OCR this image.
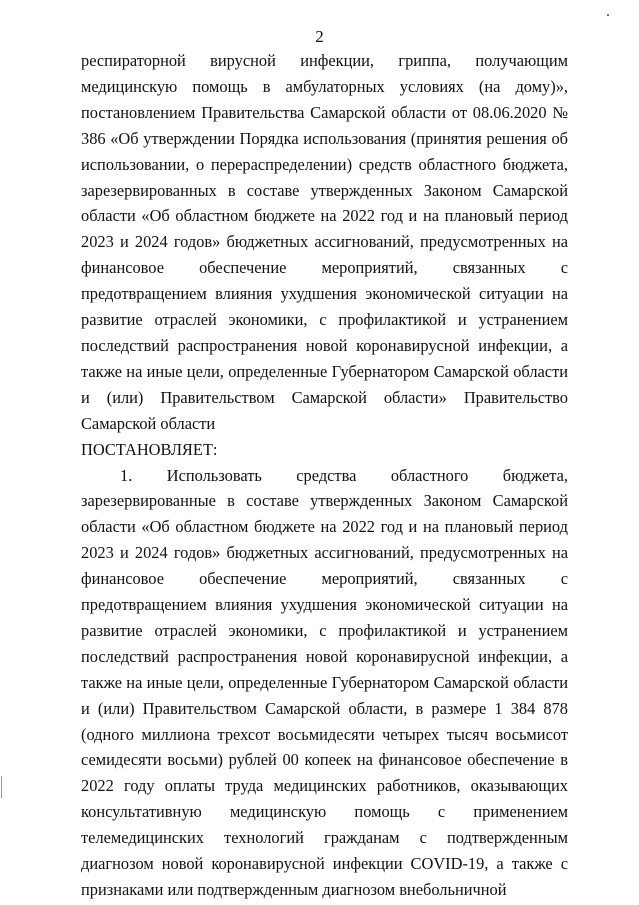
2

респираторной вирусной инфекции, гриппа, получающим медицинскую помощь в амбулаторных условиях (на дому)», постановлением Правительства Самарской области от 08.06.2020 № 386 «Об утверждении Порядка использования (принятия решения об использовании, о перераспределении) средств областного бюджета, зарезервированных в составе утвержденных Законом Самарской области «Об областном бюджете на 2022 год и на плановый период 2023 и 2024 годов» бюджетных ассигнований, предусмотренных на финансовое обеспечение мероприятий, связанных с предотвращением влияния ухудшения экономической ситуации на развитие отраслей экономики, с профилактикой и устранением последствий распространения новой коронавирусной инфекции, а также на иные цели, определенные Губернатором Самарской области и (или) Правительством Самарской области» Правительство Самарской области

ПОСТАНОВЛЯЕТ:

1. Использовать средства областного бюджета, зарезервированные в составе утвержденных Законом Самарской области «Об областном бюджете на 2022 год и на плановый период 2023 и 2024 годов» бюджетных ассигнований, предусмотренных на финансовое обеспечение мероприятий, связанных с предотвращением влияния ухудшения экономической ситуации на развитие отраслей экономики, с профилактикой и устранением последствий распространения новой коронавирусной инфекции, а также на иные цели, определенные Губернатором Самарской области и (или) Правительством Самарской области, в размере 1 384 878 (одного миллиона трехсот восьмидесяти четырех тысяч восьмисот семидесяти восьми) рублей 00 копеек на финансовое обеспечение в 2022 году оплаты труда медицинских работников, оказывающих консультативную медицинскую помощь с применением телемедицинских технологий гражданам с подтвержденным диагнозом новой коронавирусной инфекции COVID-19, а также с признаками или подтвержденным диагнозом внебольничной
